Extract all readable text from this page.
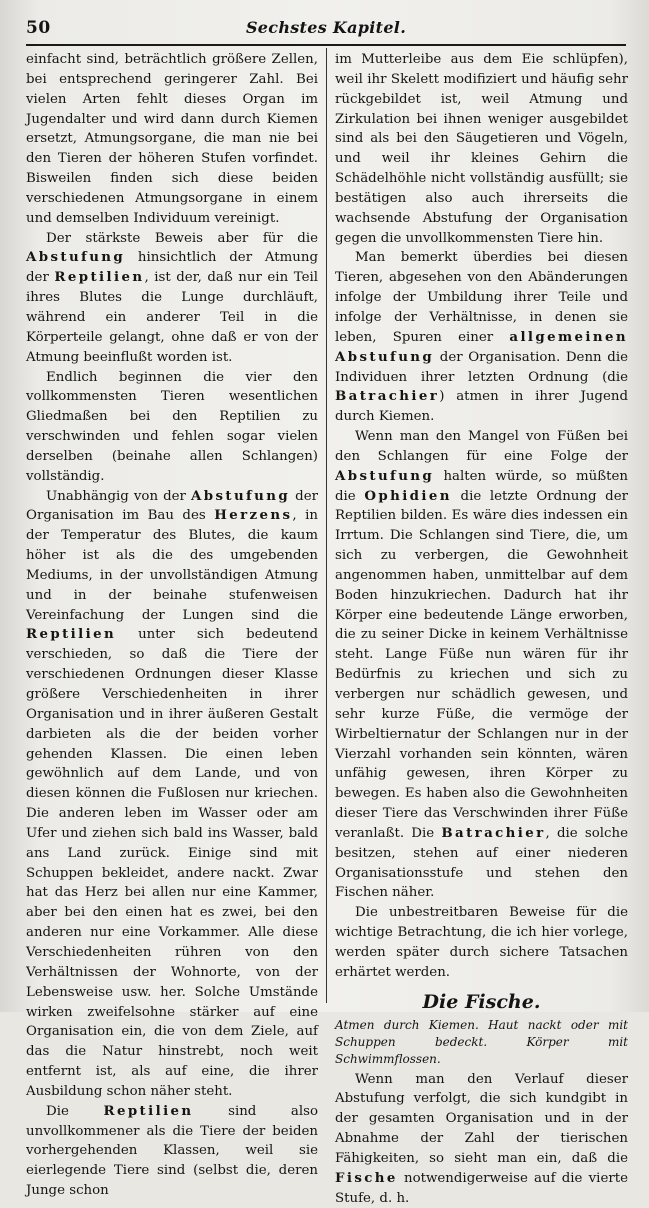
50	Sechstes Kapitel.

einfacht sind, beträchtlich größere Zellen, bei entsprechend geringerer Zahl. Bei vielen Arten fehlt dieses Organ im Jugendalter und wird dann durch Kiemen ersetzt, Atmungsorgane, die man nie bei den Tieren der höheren Stufen vorfindet. Bisweilen finden sich diese beiden verschiedenen Atmungsorgane in einem und demselben Individuum vereinigt.

Der stärkste Beweis aber für die Abstufung hinsichtlich der Atmung der Reptilien, ist der, daß nur ein Teil ihres Blutes die Lunge durchläuft, während ein anderer Teil in die Körperteile gelangt, ohne daß er von der Atmung beeinflußt worden ist.

Endlich beginnen die vier den vollkommensten Tieren wesentlichen Gliedmaßen bei den Reptilien zu verschwinden und fehlen sogar vielen derselben (beinahe allen Schlangen) vollständig.

Unabhängig von der Abstufung der Organisation im Bau des Herzens, in der Temperatur des Blutes, die kaum höher ist als die des umgebenden Mediums, in der unvollständigen Atmung und in der beinahe stufenweisen Vereinfachung der Lungen sind die Reptilien unter sich bedeutend verschieden, so daß die Tiere der verschiedenen Ordnungen dieser Klasse größere Verschiedenheiten in ihrer Organisation und in ihrer äußeren Gestalt darbieten als die der beiden vorher gehenden Klassen. Die einen leben gewöhnlich auf dem Lande, und von diesen können die Fußlosen nur kriechen. Die anderen leben im Wasser oder am Ufer und ziehen sich bald ins Wasser, bald ans Land zurück. Einige sind mit Schuppen bekleidet, andere nackt. Zwar hat das Herz bei allen nur eine Kammer, aber bei den einen hat es zwei, bei den anderen nur eine Vorkammer. Alle diese Verschiedenheiten rühren von den Verhältnissen der Wohnorte, von der Lebensweise usw. her. Solche Umstände wirken zweifelsohne stärker auf eine Organisation ein, die von dem Ziele, auf das die Natur hinstrebt, noch weit entfernt ist, als auf eine, die ihrer Ausbildung schon näher steht.

Die Reptilien sind also unvollkommener als die Tiere der beiden vorhergehenden Klassen, weil sie eierlegende Tiere sind (selbst die, deren Junge schon

im Mutterleibe aus dem Eie schlüpfen), weil ihr Skelett modifiziert und häufig sehr rückgebildet ist, weil Atmung und Zirkulation bei ihnen weniger ausgebildet sind als bei den Säugetieren und Vögeln, und weil ihr kleines Gehirn die Schädelhöhle nicht vollständig ausfüllt; sie bestätigen also auch ihrerseits die wachsende Abstufung der Organisation gegen die unvollkommensten Tiere hin.

Man bemerkt überdies bei diesen Tieren, abgesehen von den Abänderungen infolge der Umbildung ihrer Teile und infolge der Verhältnisse, in denen sie leben, Spuren einer allgemeinen Abstufung der Organisation. Denn die Individuen ihrer letzten Ordnung (die Batrachier) atmen in ihrer Jugend durch Kiemen.

Wenn man den Mangel von Füßen bei den Schlangen für eine Folge der Abstufung halten würde, so müßten die Ophidien die letzte Ordnung der Reptilien bilden. Es wäre dies indessen ein Irrtum. Die Schlangen sind Tiere, die, um sich zu verbergen, die Gewohnheit angenommen haben, unmittelbar auf dem Boden hinzukriechen. Dadurch hat ihr Körper eine bedeutende Länge erworben, die zu seiner Dicke in keinem Verhältnisse steht. Lange Füße nun wären für ihr Bedürfnis zu kriechen und sich zu verbergen nur schädlich gewesen, und sehr kurze Füße, die vermöge der Wirbeltiernatur der Schlangen nur in der Vierzahl vorhanden sein könnten, wären unfähig gewesen, ihren Körper zu bewegen. Es haben also die Gewohnheiten dieser Tiere das Verschwinden ihrer Füße veranlaßt. Die Batrachier, die solche besitzen, stehen auf einer niederen Organisationsstufe und stehen den Fischen näher.

Die unbestreitbaren Beweise für die wichtige Betrachtung, die ich hier vorlege, werden später durch sichere Tatsachen erhärtet werden.

Die Fische.

Atmen durch Kiemen. Haut nackt oder mit Schuppen bedeckt. Körper mit Schwimmflossen.

Wenn man den Verlauf dieser Abstufung verfolgt, die sich kundgibt in der gesamten Organisation und in der Abnahme der Zahl der tierischen Fähigkeiten, so sieht man ein, daß die Fische notwendigerweise auf die vierte Stufe, d. h.
